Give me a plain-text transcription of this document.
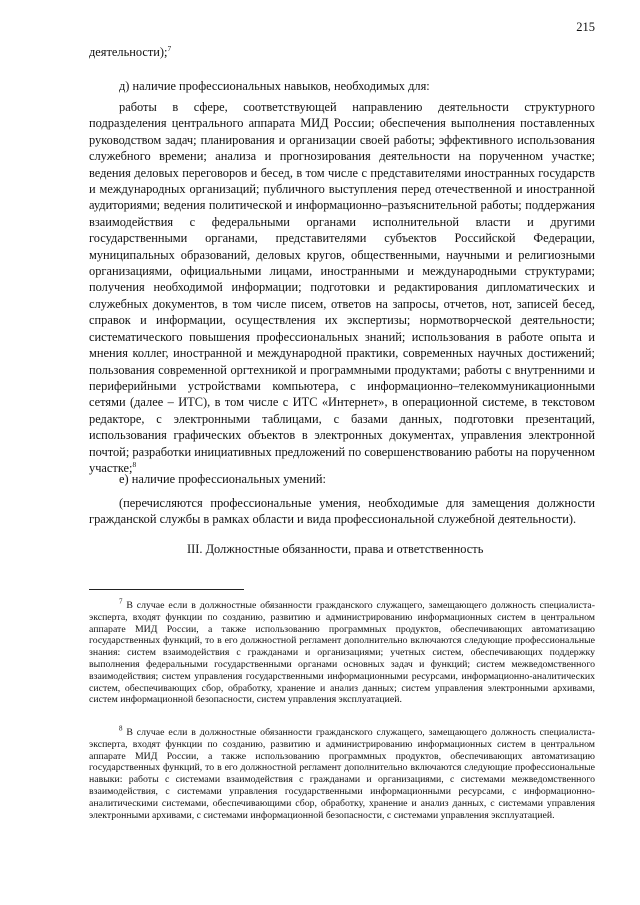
215

деятельности);$^7$

д) наличие профессиональных навыков, необходимых для:

работы в сфере, соответствующей направлению деятельности структурного подразделения центрального аппарата МИД России; обеспечения выполнения поставленных руководством задач; планирования и организации своей работы; эффективного использования служебного времени; анализа и прогнозирования деятельности на порученном участке; ведения деловых переговоров и бесед, в том числе с представителями иностранных государств и международных организаций; публичного выступления перед отечественной и иностранной аудиториями; ведения политической и информационно–разъяснительной работы; поддержания взаимодействия с федеральными органами исполнительной власти и другими государственными органами, представителями субъектов Российской Федерации, муниципальных образований, деловых кругов, общественными, научными и религиозными организациями, официальными лицами, иностранными и международными структурами; получения необходимой информации; подготовки и редактирования дипломатических и служебных документов, в том числе писем, ответов на запросы, отчетов, нот, записей бесед, справок и информации, осуществления их экспертизы; нормотворческой деятельности; систематического повышения профессиональных знаний; использования в работе опыта и мнения коллег, иностранной и международной практики, современных научных достижений; пользования современной оргтехникой и программными продуктами; работы с внутренними и периферийными устройствами компьютера, с информационно–телекоммуникационными сетями (далее – ИТС), в том числе с ИТС «Интернет», в операционной системе, в текстовом редакторе, с электронными таблицами, с базами данных, подготовки презентаций, использования графических объектов в электронных документах, управления электронной почтой; разработки инициативных предложений по совершенствованию работы на порученном участке;$^8$

е) наличие профессиональных умений:

(перечисляются профессиональные умения, необходимые для замещения должности гражданской службы в рамках области и вида профессиональной служебной деятельности).

III. Должностные обязанности, права и ответственность

$^7$ В случае если в должностные обязанности гражданского служащего, замещающего должность специалиста-эксперта, входят функции по созданию, развитию и администрированию информационных систем в центральном аппарате МИД России, а также использованию программных продуктов, обеспечивающих автоматизацию государственных функций, то в его должностной регламент дополнительно включаются следующие профессиональные знания: систем взаимодействия с гражданами и организациями; учетных систем, обеспечивающих поддержку выполнения федеральными государственными органами основных задач и функций; систем межведомственного взаимодействия; систем управления государственными информационными ресурсами, информационно-аналитических систем, обеспечивающих сбор, обработку, хранение и анализ данных; систем управления электронными архивами, систем информационной безопасности, систем управления эксплуатацией.

$^8$ В случае если в должностные обязанности гражданского служащего, замещающего должность специалиста-эксперта, входят функции по созданию, развитию и администрированию информационных систем в центральном аппарате МИД России, а также использованию программных продуктов, обеспечивающих автоматизацию государственных функций, то в его должностной регламент дополнительно включаются следующие профессиональные навыки: работы с системами взаимодействия с гражданами и организациями, с системами межведомственного взаимодействия, с системами управления государственными информационными ресурсами, с информационно-аналитическими системами, обеспечивающими сбор, обработку, хранение и анализ данных, с системами управления электронными архивами, с системами информационной безопасности, с системами управления эксплуатацией.
